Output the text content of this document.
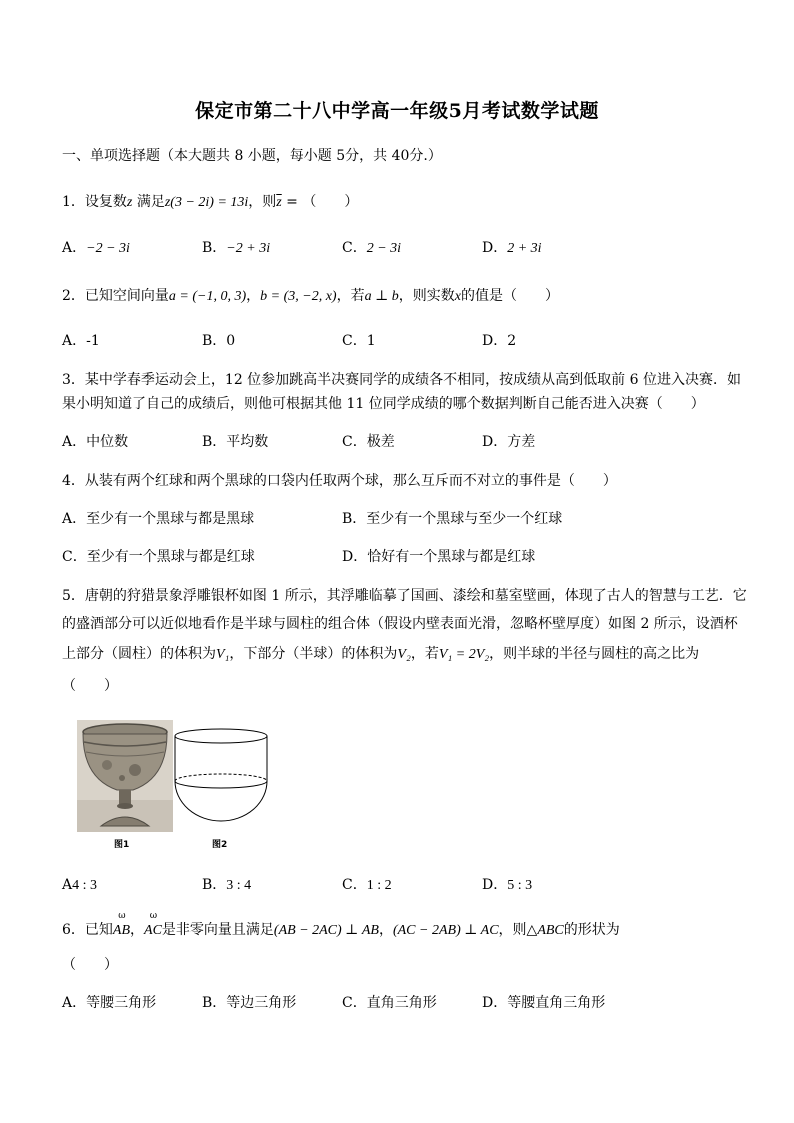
保定市第二十八中学高一年级5月考试数学试题
一、单项选择题（本大题共 8 小题，每小题 5分，共 40分.）
1．设复数z 满足z(3 − 2i) = 13i，则$\overline{z}$ = （　　）
A．−2 − 3i	B．−2 + 3i	C．2 − 3i	D．2 + 3i
2．已知空间向量a = (−1, 0, 3)，b = (3, −2, x)，若a ⊥ b，则实数x的值是（　　）
A．-1	B．0	C．1	D．2
3．某中学春季运动会上，12 位参加跳高半决赛同学的成绩各不相同，按成绩从高到低取前 6 位进入决赛．如
果小明知道了自己的成绩后，则他可根据其他 11 位同学成绩的哪个数据判断自己能否进入决赛（　　）
A．中位数	B．平均数	C．极差	D．方差
4．从装有两个红球和两个黑球的口袋内任取两个球，那么互斥而不对立的事件是（　　）
A．至少有一个黑球与都是黑球	B．至少有一个黑球与至少一个红球
C．至少有一个黑球与都是红球	D．恰好有一个黑球与都是红球
5．唐朝的狩猎景象浮雕银杯如图 1 所示，其浮雕临摹了国画、漆绘和墓室壁画，体现了古人的智慧与工艺．它
的盛酒部分可以近似地看作是半球与圆柱的组合体（假设内壁表面光滑，忽略杯壁厚度）如图 2 所示，设酒杯
上部分（圆柱）的体积为V₁，下部分（半球）的体积为V₂，若V₁ = 2V₂，则半球的半径与圆柱的高之比为
（　　）
图1	图2
A4 : 3	B．3 : 4	C．1 : 2	D．5 : 3
6．已知
ω
AB，
ω
AC是非零向量且满足(AB − 2AC) ⊥ AB，(AC − 2AB) ⊥ AC，则△ABC的形状为
（　　）
A．等腰三角形	B．等边三角形	C．直角三角形	D．等腰直角三角形
